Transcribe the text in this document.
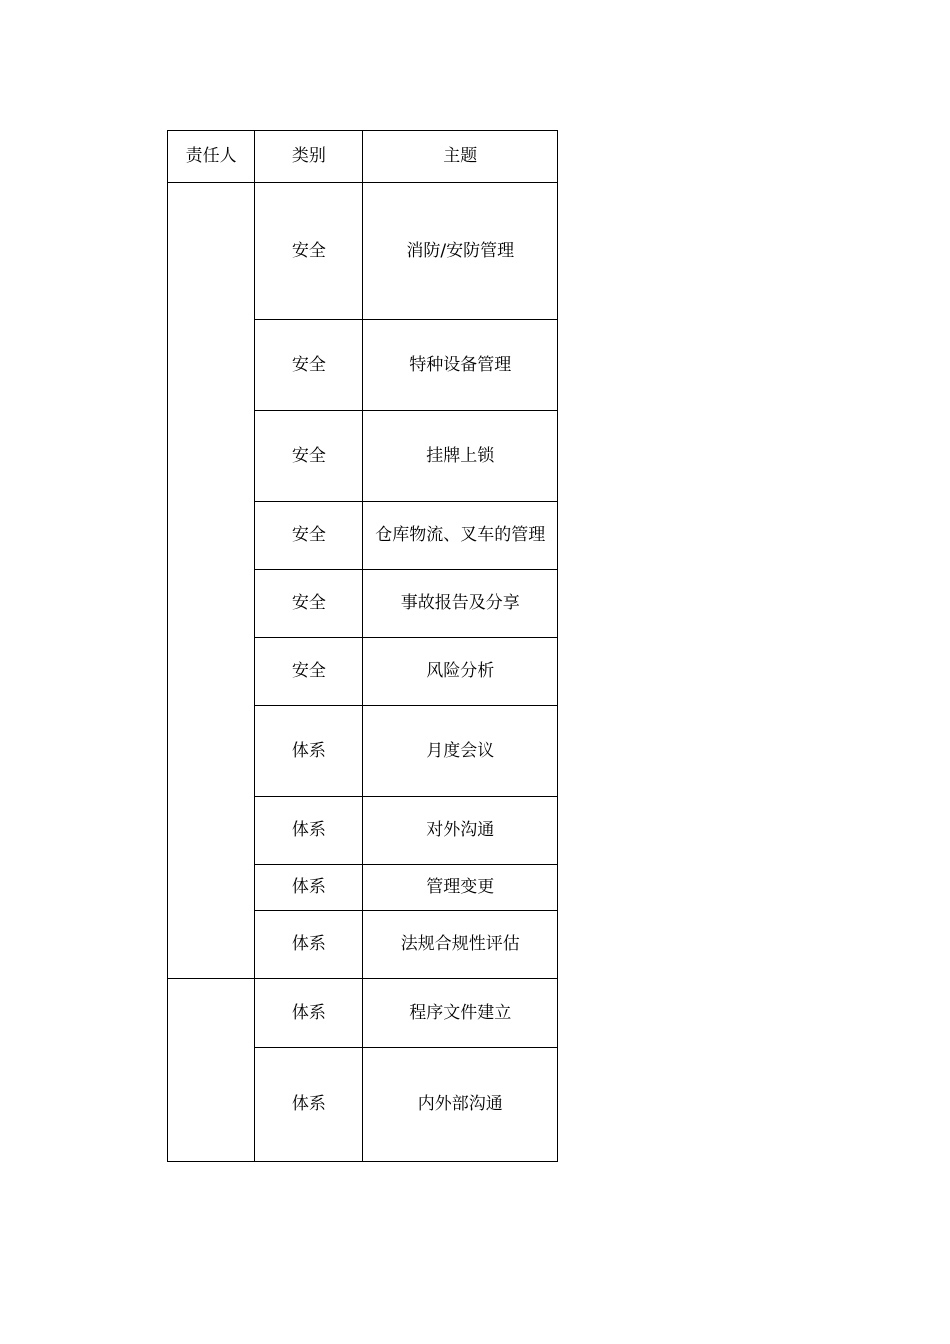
责任人	类别	主题
	安全	消防/安防管理
	安全	特种设备管理
	安全	挂牌上锁
	安全	仓库物流、叉车的管理
	安全	事故报告及分享
	安全	风险分析
	体系	月度会议
	体系	对外沟通
	体系	管理变更
	体系	法规合规性评估
	体系	程序文件建立
	体系	内外部沟通
